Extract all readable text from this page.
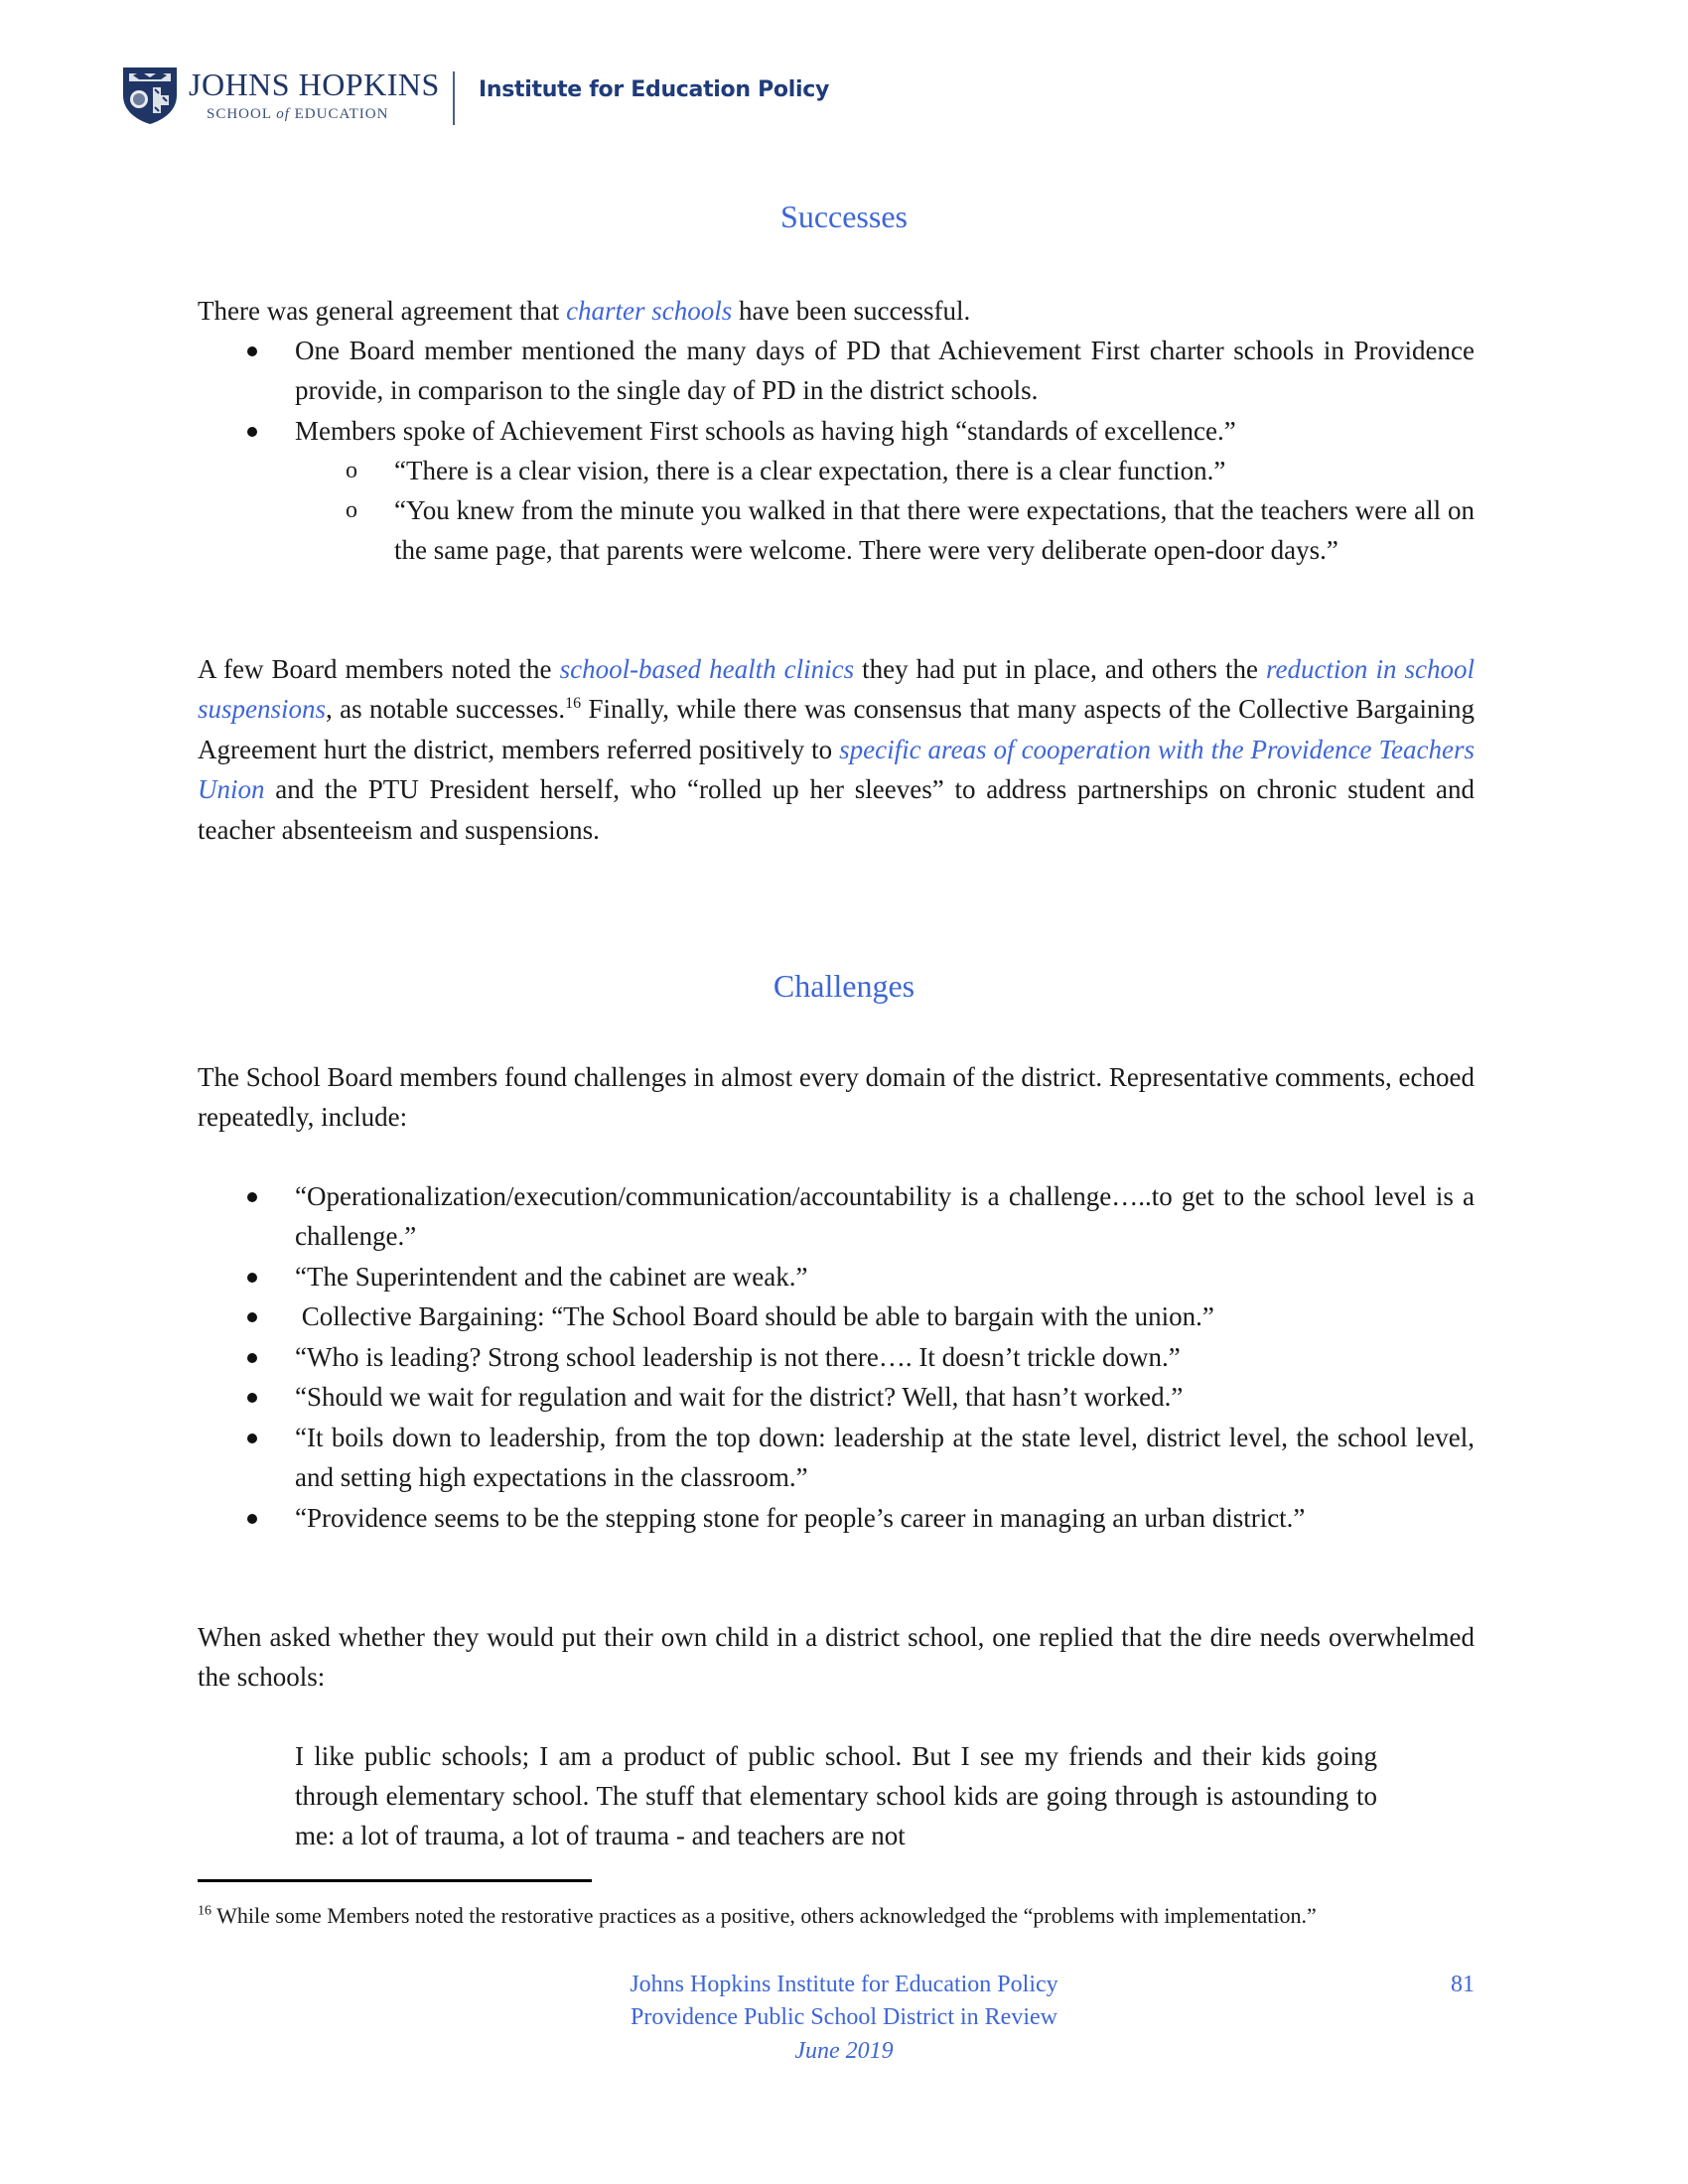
JOHNS HOPKINS
SCHOOL of EDUCATION
Institute for Education Policy
Successes
There was general agreement that charter schools have been successful.
One Board member mentioned the many days of PD that Achievement First charter schools in Providence provide, in comparison to the single day of PD in the district schools.
Members spoke of Achievement First schools as having high “standards of excellence.”
o “There is a clear vision, there is a clear expectation, there is a clear function.”
o “You knew from the minute you walked in that there were expectations, that the teachers were all on the same page, that parents were welcome. There were very deliberate open-door days.”
A few Board members noted the school-based health clinics they had put in place, and others the reduction in school suspensions, as notable successes.$^{16}$ Finally, while there was consensus that many aspects of the Collective Bargaining Agreement hurt the district, members referred positively to specific areas of cooperation with the Providence Teachers Union and the PTU President herself, who “rolled up her sleeves” to address partnerships on chronic student and teacher absenteeism and suspensions.
Challenges
The School Board members found challenges in almost every domain of the district. Representative comments, echoed repeatedly, include:
“Operationalization/execution/communication/accountability is a challenge…..to get to the school level is a challenge.”
“The Superintendent and the cabinet are weak.”
Collective Bargaining: “The School Board should be able to bargain with the union.”
“Who is leading? Strong school leadership is not there…. It doesn’t trickle down.”
“Should we wait for regulation and wait for the district? Well, that hasn’t worked.”
“It boils down to leadership, from the top down: leadership at the state level, district level, the school level, and setting high expectations in the classroom.”
“Providence seems to be the stepping stone for people’s career in managing an urban district.”
When asked whether they would put their own child in a district school, one replied that the dire needs overwhelmed the schools:
I like public schools; I am a product of public school. But I see my friends and their kids going through elementary school. The stuff that elementary school kids are going through is astounding to me: a lot of trauma, a lot of trauma - and teachers are not
$^{16}$ While some Members noted the restorative practices as a positive, others acknowledged the “problems with implementation.”
Johns Hopkins Institute for Education Policy
Providence Public School District in Review
June 2019
81
